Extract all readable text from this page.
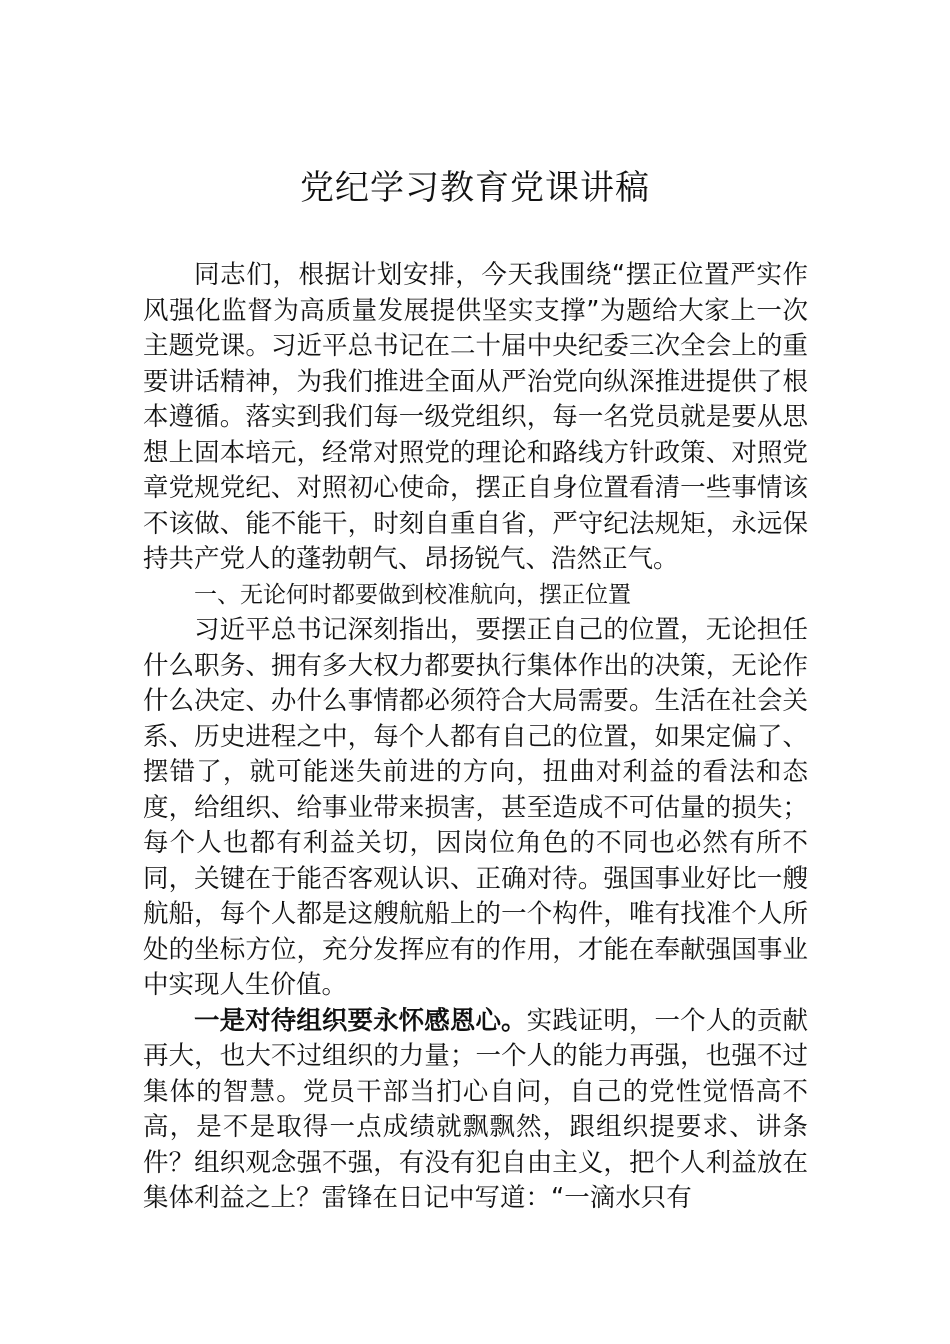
党纪学习教育党课讲稿

同志们，根据计划安排，今天我围绕“摆正位置严实作风强化监督为高质量发展提供坚实支撑”为题给大家上一次主题党课。习近平总书记在二十届中央纪委三次全会上的重要讲话精神，为我们推进全面从严治党向纵深推进提供了根本遵循。落实到我们每一级党组织，每一名党员就是要从思想上固本培元，经常对照党的理论和路线方针政策、对照党章党规党纪、对照初心使命，摆正自身位置看清一些事情该不该做、能不能干，时刻自重自省，严守纪法规矩，永远保持共产党人的蓬勃朝气、昂扬锐气、浩然正气。

一、无论何时都要做到校准航向，摆正位置

习近平总书记深刻指出，要摆正自己的位置，无论担任什么职务、拥有多大权力都要执行集体作出的决策，无论作什么决定、办什么事情都必须符合大局需要。生活在社会关系、历史进程之中，每个人都有自己的位置，如果定偏了、摆错了，就可能迷失前进的方向，扭曲对利益的看法和态度，给组织、给事业带来损害，甚至造成不可估量的损失；每个人也都有利益关切，因岗位角色的不同也必然有所不同，关键在于能否客观认识、正确对待。强国事业好比一艘航船，每个人都是这艘航船上的一个构件，唯有找准个人所处的坐标方位，充分发挥应有的作用，才能在奉献强国事业中实现人生价值。

一是对待组织要永怀感恩心。实践证明，一个人的贡献再大，也大不过组织的力量；一个人的能力再强，也强不过集体的智慧。党员干部当扪心自问，自己的党性觉悟高不高，是不是取得一点成绩就飘飘然，跟组织提要求、讲条件？组织观念强不强，有没有犯自由主义，把个人利益放在集体利益之上？雷锋在日记中写道：“一滴水只有
